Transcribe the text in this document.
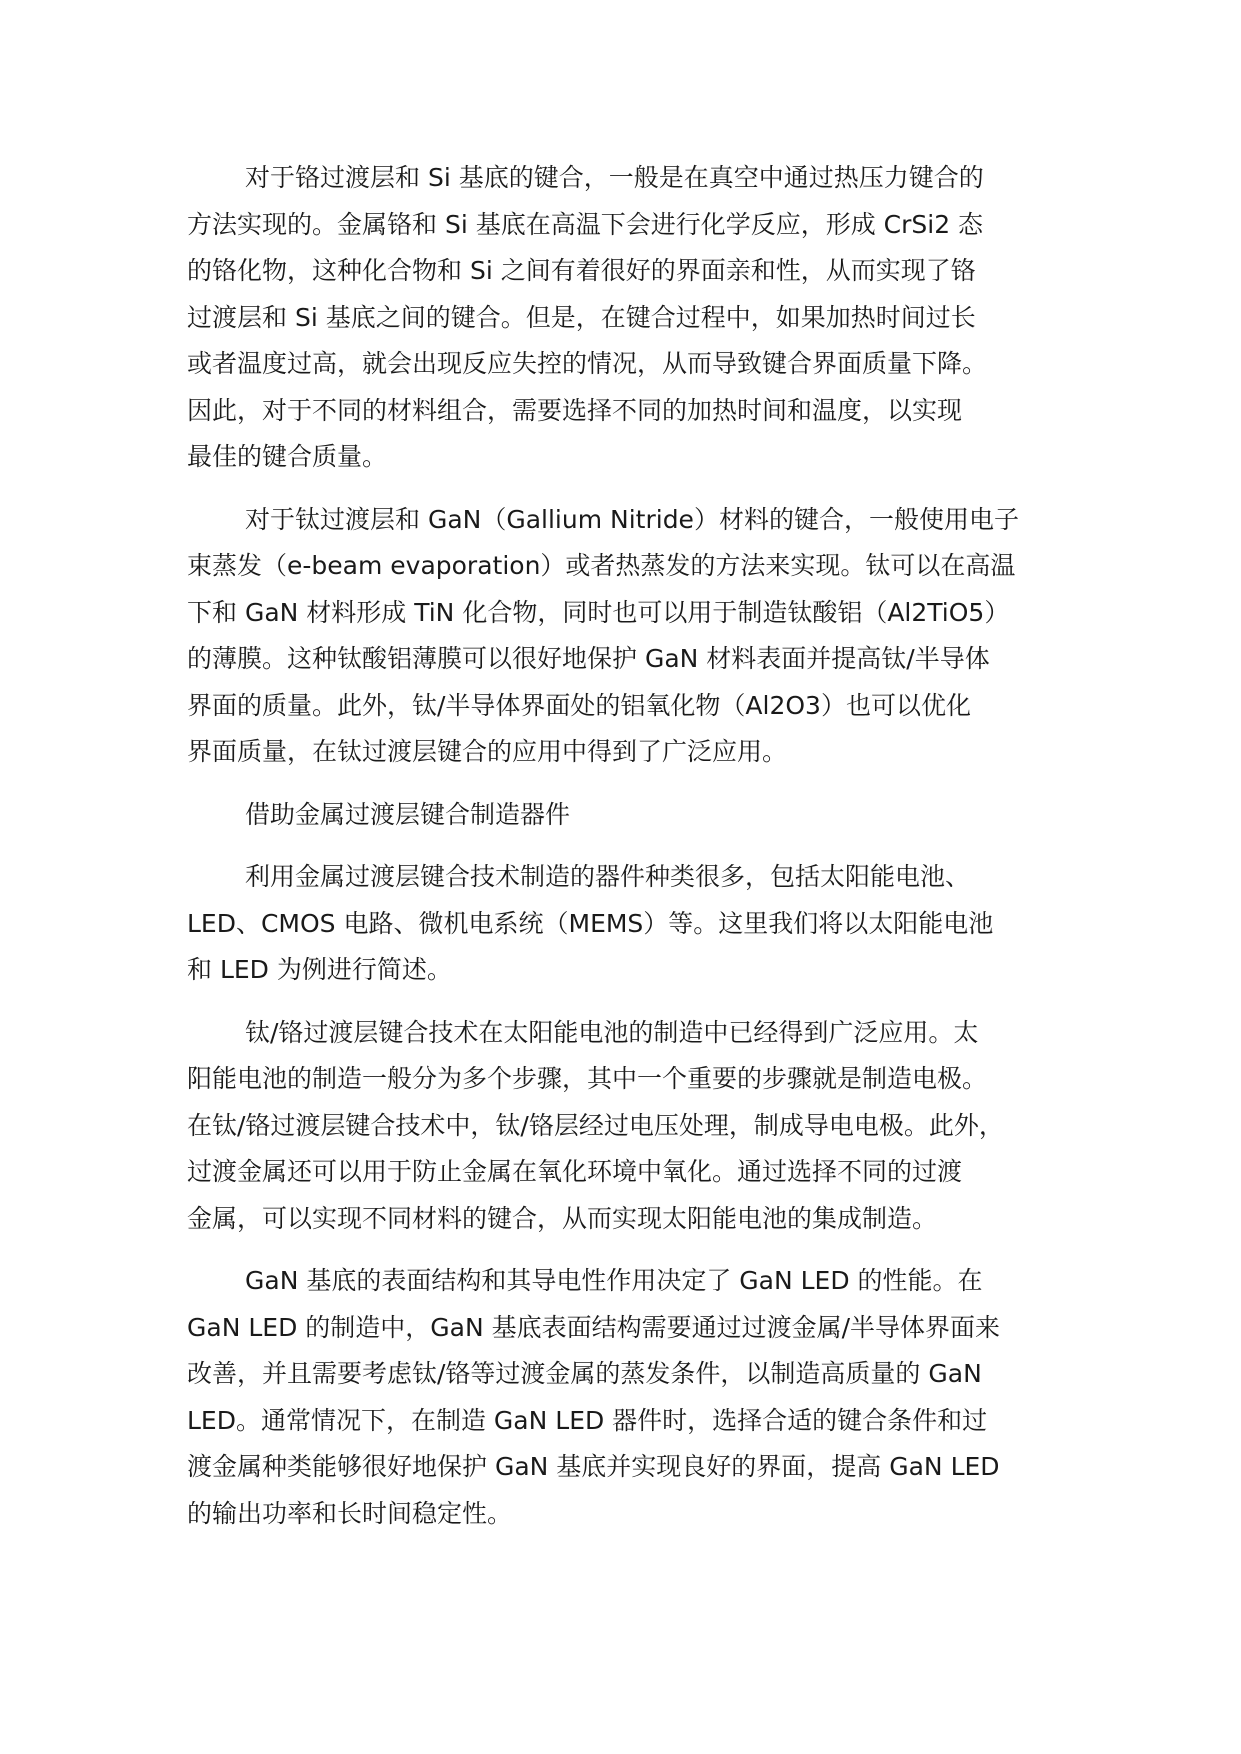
对于铬过渡层和 Si 基底的键合，一般是在真空中通过热压力键合的
方法实现的。金属铬和 Si 基底在高温下会进行化学反应，形成 CrSi2 态
的铬化物，这种化合物和 Si 之间有着很好的界面亲和性，从而实现了铬
过渡层和 Si 基底之间的键合。但是，在键合过程中，如果加热时间过长
或者温度过高，就会出现反应失控的情况，从而导致键合界面质量下降。
因此，对于不同的材料组合，需要选择不同的加热时间和温度，以实现
最佳的键合质量。
对于钛过渡层和 GaN（Gallium Nitride）材料的键合，一般使用电子
束蒸发（e-beam evaporation）或者热蒸发的方法来实现。钛可以在高温
下和 GaN 材料形成 TiN 化合物，同时也可以用于制造钛酸铝（Al2TiO5）
的薄膜。这种钛酸铝薄膜可以很好地保护 GaN 材料表面并提高钛/半导体
界面的质量。此外，钛/半导体界面处的铝氧化物（Al2O3）也可以优化
界面质量，在钛过渡层键合的应用中得到了广泛应用。
借助金属过渡层键合制造器件
利用金属过渡层键合技术制造的器件种类很多，包括太阳能电池、
LED、CMOS 电路、微机电系统（MEMS）等。这里我们将以太阳能电池
和 LED 为例进行简述。
钛/铬过渡层键合技术在太阳能电池的制造中已经得到广泛应用。太
阳能电池的制造一般分为多个步骤，其中一个重要的步骤就是制造电极。
在钛/铬过渡层键合技术中，钛/铬层经过电压处理，制成导电电极。此外，
过渡金属还可以用于防止金属在氧化环境中氧化。通过选择不同的过渡
金属，可以实现不同材料的键合，从而实现太阳能电池的集成制造。
GaN 基底的表面结构和其导电性作用决定了 GaN LED 的性能。在
GaN LED 的制造中，GaN 基底表面结构需要通过过渡金属/半导体界面来
改善，并且需要考虑钛/铬等过渡金属的蒸发条件，以制造高质量的 GaN
LED。通常情况下，在制造 GaN LED 器件时，选择合适的键合条件和过
渡金属种类能够很好地保护 GaN 基底并实现良好的界面，提高 GaN LED
的输出功率和长时间稳定性。
